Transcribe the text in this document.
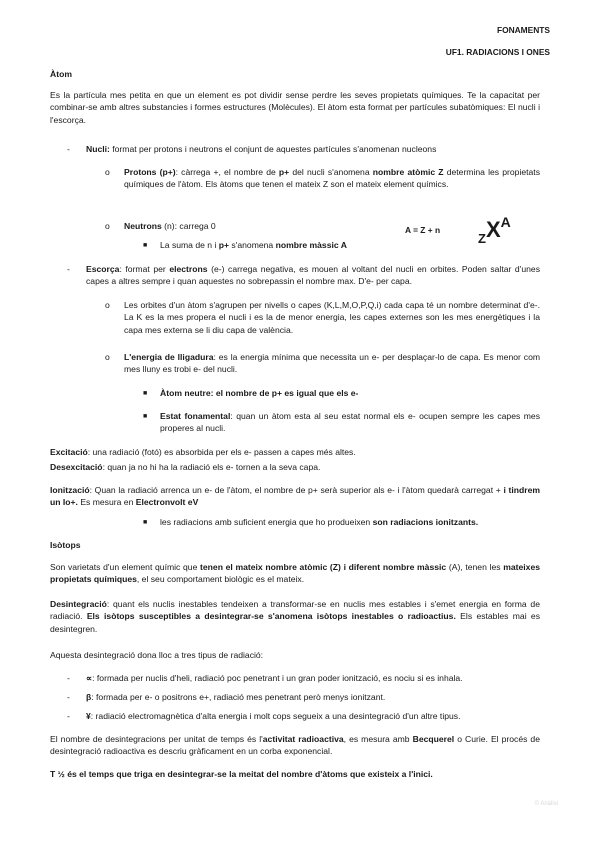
FONAMENTS
UF1. RADIACIONS I ONES
Àtom
Es la partícula mes petita en que un element es pot dividir sense perdre les seves propietats químiques. Te la capacitat per combinar-se amb altres substancies i formes estructures (Molècules). El àtom esta format per partícules subatòmiques: El nucli i l'escorça.
- Nucli: format per protons i neutrons el conjunt de aquestes partícules s'anomenan nucleons
o Protons (p+): càrrega +, el nombre de p+ del nucli s'anomena nombre atòmic Z determina les propietats químiques de l'àtom. Els àtoms que tenen el mateix Z son el mateix element químics.
o Neutrons (n): carrega 0	A = Z + n
ZXA
■ La suma de n i p+ s'anomena nombre màssic A
- Escorça: format per electrons (e-) carrega negativa, es mouen al voltant del nucli en orbites. Poden saltar d'unes capes a altres sempre i quan aquestes no sobrepassin el nombre max. D'e- per capa.
o Les orbites d'un àtom s'agrupen per nivells o capes (K,L,M,O,P,Q,i) cada capa té un nombre determinat d'e-. La K es la mes propera el nucli i es la de menor energia, les capes externes son les mes energètiques i la capa mes externa se li diu capa de valència.
o L'energia de lligadura: es la energia mínima que necessita un e- per desplaçar-lo de capa. Es menor com mes lluny es trobi e- del nucli.
■ Àtom neutre: el nombre de p+ es igual que els e-
■ Estat fonamental: quan un àtom esta al seu estat normal els e- ocupen sempre les capes mes properes al nucli.
Excitació: una radiació (fotó) es absorbida per els e- passen a capes més altes.
Desexcitació: quan ja no hi ha la radiació els e- tornen a la seva capa.
Ionització: Quan la radiació arrenca un e- de l'àtom, el nombre de p+ serà superior als e- i l'àtom quedarà carregat + i tindrem un Io+. Es mesura en Electronvolt eV
■ les radiacions amb suficient energia que ho produeixen son radiacions ionitzants.
Isòtops
Son varietats d'un element químic que tenen el mateix nombre atòmic (Z) i diferent nombre màssic (A), tenen les mateixes propietats químiques, el seu comportament biològic es el mateix.
Desintegració: quant els nuclis inestables tendeixen a transformar-se en nuclis mes estables i s'emet energia en forma de radiació. Els isòtops susceptibles a desintegrar-se s'anomena isòtops inestables o radioactius. Els estables mai es desintegren.
Aquesta desintegració dona lloc a tres tipus de radiació:
- ∝: formada per nuclis d'heli, radiació poc penetrant i un gran poder ionització, es nociu si es inhala.
- β: formada per e- o positrons e+, radiació mes penetrant però menys ionitzant.
- ¥: radiació electromagnètica d'alta energia i molt cops segueix a una desintegració d'un altre tipus.
El nombre de desintegracions per unitat de temps és l'activitat radioactiva, es mesura amb Becquerel o Curie. El procés de desintegració radioactiva es descriu gràficament en un corba exponencial.
T ½ és el temps que triga en desintegrar-se la meitat del nombre d'àtoms que existeix a l'inici.
© Anàlisi
